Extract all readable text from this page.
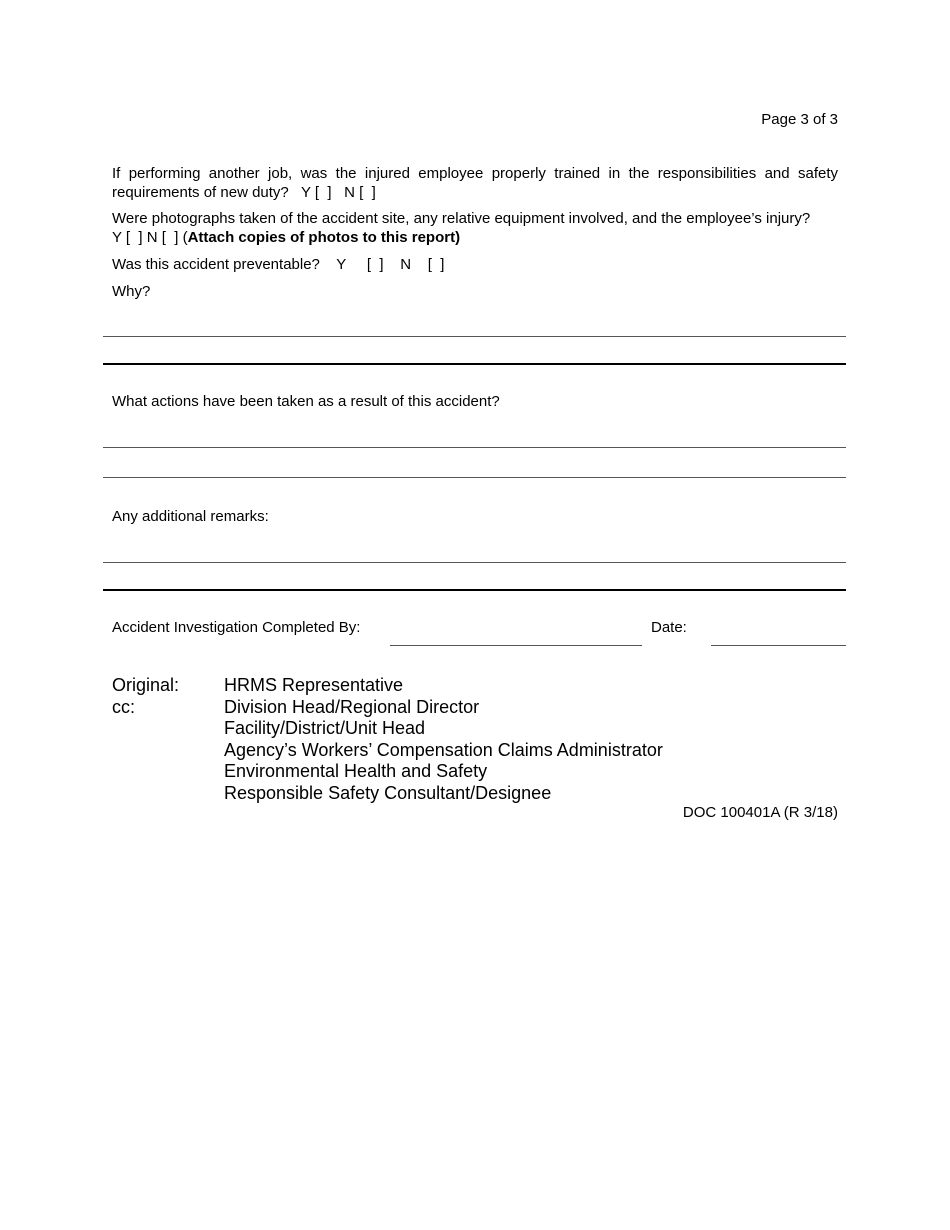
Page 3 of 3
If performing another job, was the injured employee properly trained in the responsibilities and safety
requirements of new duty?   Y [  ]   N [  ]
Were photographs taken of the accident site, any relative equipment involved, and the employee’s injury?
Y [  ] N [  ] (Attach copies of photos to this report)
Was this accident preventable?    Y     [  ]    N    [  ]
Why?
What actions have been taken as a result of this accident?
Any additional remarks:
Accident Investigation Completed By:	Date:
Original:
cc:
HRMS Representative
Division Head/Regional Director
Facility/District/Unit Head
Agency’s Workers’ Compensation Claims Administrator
Environmental Health and Safety
Responsible Safety Consultant/Designee
DOC 100401A (R 3/18)
